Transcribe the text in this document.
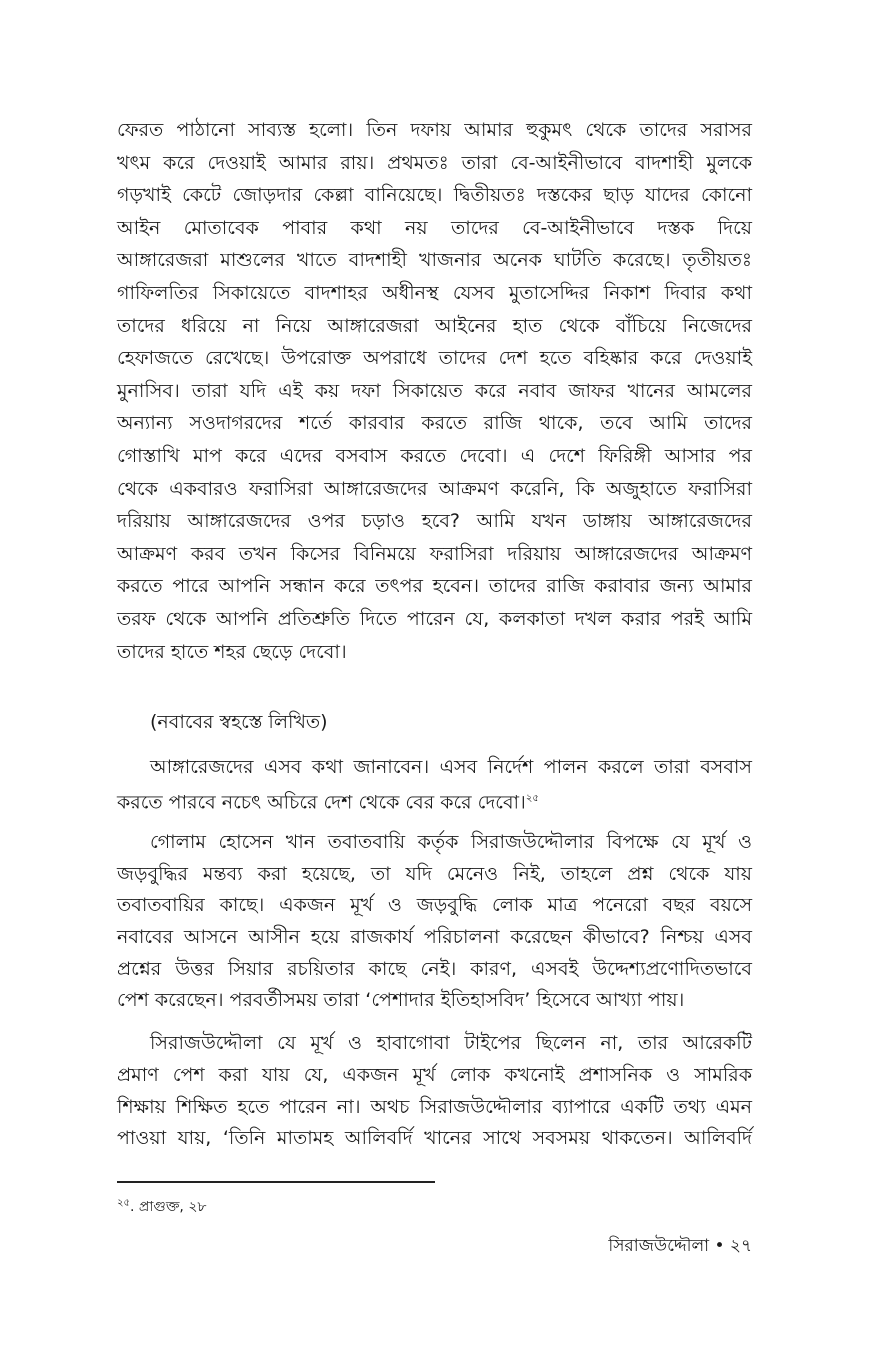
ফেরত পাঠানো সাব্যস্ত হলো। তিন দফায় আমার হুকুমৎ থেকে তাদের সরাসর
খৎম করে দেওয়াই আমার রায়। প্রথমতঃ তারা বে-আইনীভাবে বাদশাহী মুলকে
গড়খাই কেটে জোড়দার কেল্লা বানিয়েছে। দ্বিতীয়তঃ দস্তকের ছাড় যাদের কোনো
আইন মোতাবেক পাবার কথা নয় তাদের বে-আইনীভাবে দস্তক দিয়ে
আঙ্গারেজরা মাশুলের খাতে বাদশাহী খাজনার অনেক ঘাটতি করেছে। তৃতীয়তঃ
গাফিলতির সিকায়েতে বাদশাহর অধীনস্থ যেসব মুতাসেদ্দির নিকাশ দিবার কথা
তাদের ধরিয়ে না নিয়ে আঙ্গারেজরা আইনের হাত থেকে বাঁচিয়ে নিজেদের
হেফাজতে রেখেছে। উপরোক্ত অপরাধে তাদের দেশ হতে বহিষ্কার করে দেওয়াই
মুনাসিব। তারা যদি এই কয় দফা সিকায়েত করে নবাব জাফর খানের আমলের
অন্যান্য সওদাগরদের শর্তে কারবার করতে রাজি থাকে, তবে আমি তাদের
গোস্তাখি মাপ করে এদের বসবাস করতে দেবো। এ দেশে ফিরিঙ্গী আসার পর
থেকে একবারও ফরাসিরা আঙ্গারেজদের আক্রমণ করেনি, কি অজুহাতে ফরাসিরা
দরিয়ায় আঙ্গারেজদের ওপর চড়াও হবে? আমি যখন ডাঙ্গায় আঙ্গারেজদের
আক্রমণ করব তখন কিসের বিনিময়ে ফরাসিরা দরিয়ায় আঙ্গারেজদের আক্রমণ
করতে পারে আপনি সন্ধান করে তৎপর হবেন। তাদের রাজি করাবার জন্য আমার
তরফ থেকে আপনি প্রতিশ্রুতি দিতে পারেন যে, কলকাতা দখল করার পরই আমি
তাদের হাতে শহর ছেড়ে দেবো।
(নবাবের স্বহস্তে লিখিত)
আঙ্গারেজদের এসব কথা জানাবেন। এসব নির্দেশ পালন করলে তারা বসবাস
করতে পারবে নচেৎ অচিরে দেশ থেকে বের করে দেবো।$^{২৫}$
গোলাম হোসেন খান তবাতবায়ি কর্তৃক সিরাজউদ্দৌলার বিপক্ষে যে মূর্খ ও
জড়বুদ্ধির মন্তব্য করা হয়েছে, তা যদি মেনেও নিই, তাহলে প্রশ্ন থেকে যায়
তবাতবায়ির কাছে। একজন মূর্খ ও জড়বুদ্ধি লোক মাত্র পনেরো বছর বয়সে
নবাবের আসনে আসীন হয়ে রাজকার্য পরিচালনা করেছেন কীভাবে? নিশ্চয় এসব
প্রশ্নের উত্তর সিয়ার রচয়িতার কাছে নেই। কারণ, এসবই উদ্দেশ্যপ্রণোদিতভাবে
পেশ করেছেন। পরবর্তীসময় তারা ‘পেশাদার ইতিহাসবিদ’ হিসেবে আখ্যা পায়।
সিরাজউদ্দৌলা যে মূর্খ ও হাবাগোবা টাইপের ছিলেন না, তার আরেকটি
প্রমাণ পেশ করা যায় যে, একজন মূর্খ লোক কখনোই প্রশাসনিক ও সামরিক
শিক্ষায় শিক্ষিত হতে পারেন না। অথচ সিরাজউদ্দৌলার ব্যাপারে একটি তথ্য এমন
পাওয়া যায়, ‘তিনি মাতামহ আলিবর্দি খানের সাথে সবসময় থাকতেন। আলিবর্দি
$^{২৫}$. প্রাগুক্ত, ২৮
সিরাজউদ্দৌলা • ২৭
